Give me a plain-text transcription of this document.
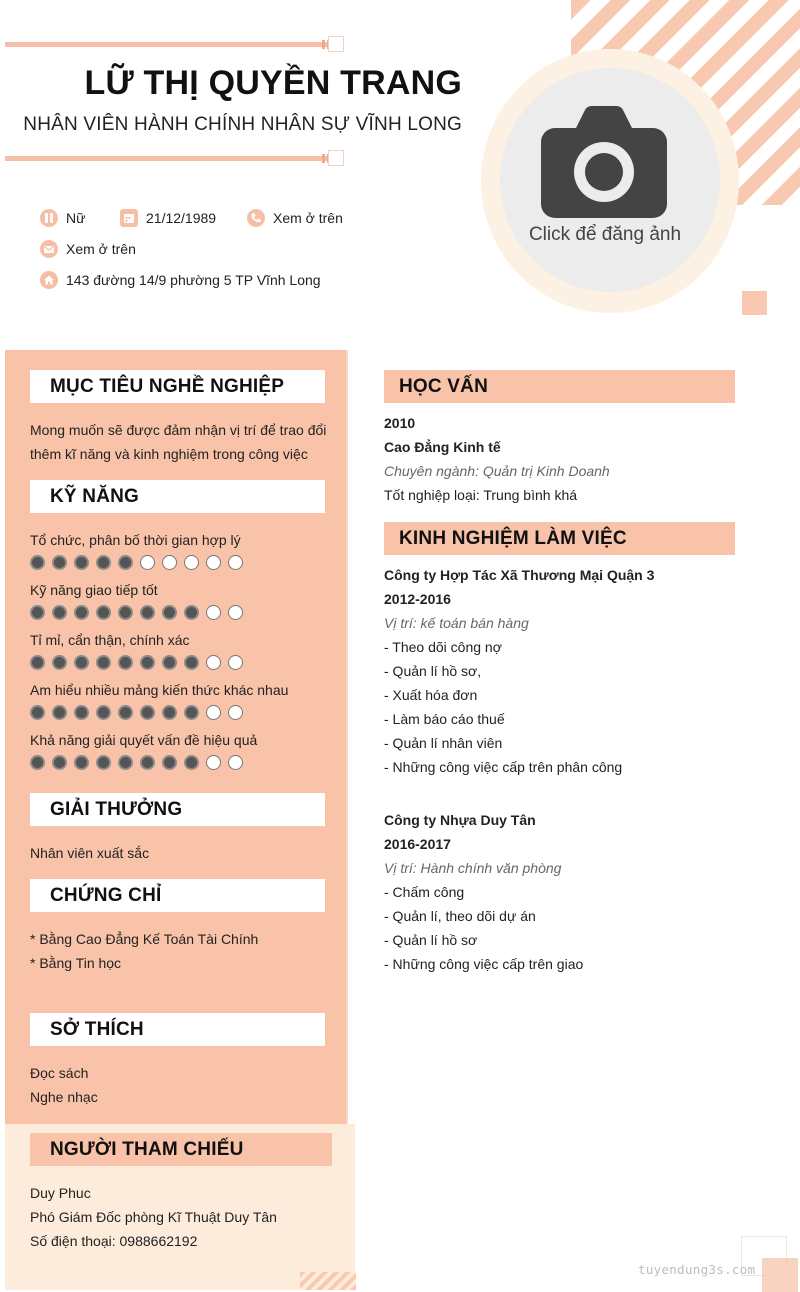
LỮ THỊ QUYỀN TRANG
NHÂN VIÊN HÀNH CHÍNH NHÂN SỰ VĨNH LONG
Click để đăng ảnh
Nữ	21/12/1989	Xem ở trên
Xem ở trên
143 đường 14/9 phường 5 TP Vĩnh Long
MỤC TIÊU NGHỀ NGHIỆP
Mong muốn sẽ được đảm nhận vị trí để trao đổi
thêm kĩ năng và kinh nghiệm trong công việc
KỸ NĂNG
Tổ chức, phân bố thời gian hợp lý
Kỹ năng giao tiếp tốt
Tỉ mỉ, cẩn thận, chính xác
Am hiểu nhiều mảng kiến thức khác nhau
Khả năng giải quyết vấn đề hiệu quả
GIẢI THƯỞNG
Nhân viên xuất sắc
CHỨNG CHỈ
* Bằng Cao Đẳng Kế Toán Tài Chính
* Bằng Tin học
SỞ THÍCH
Đọc sách
Nghe nhạc
NGƯỜI THAM CHIẾU
Duy Phuc
Phó Giám Đốc phòng Kĩ Thuật Duy Tân
Số điện thoại: 0988662192
HỌC VẤN
2010
Cao Đẳng Kinh tế
Chuyên ngành: Quản trị Kinh Doanh
Tốt nghiệp loại: Trung bình khá
KINH NGHIỆM LÀM VIỆC
Công ty Hợp Tác Xã Thương Mại Quận 3
2012-2016
Vị trí: kế toán bán hàng
- Theo dõi công nợ
- Quản lí hồ sơ,
- Xuất hóa đơn
- Làm báo cáo thuế
- Quản lí nhân viên
- Những công việc cấp trên phân công
Công ty Nhựa Duy Tân
2016-2017
Vị trí: Hành chính văn phòng
- Chấm công
- Quản lí, theo dõi dự án
- Quản lí hồ sơ
- Những công việc cấp trên giao
tuyendung3s.com
